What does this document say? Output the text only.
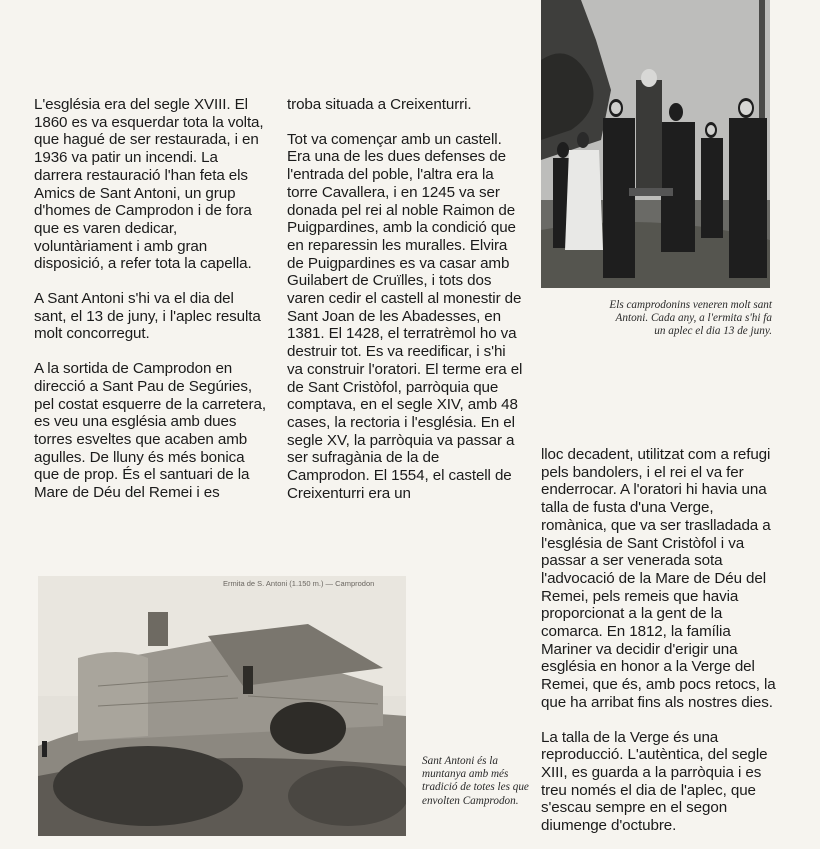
L'església era del segle XVIII. El 1860 es va esquerdar tota la volta, que hagué de ser restaurada, i en 1936 va patir un incendi. La darrera restauració l'han feta els Amics de Sant Antoni, un grup d'homes de Camprodon i de fora que es varen dedicar, voluntàriament i amb gran disposició, a refer tota la capella.

A Sant Antoni s'hi va el dia del sant, el 13 de juny, i l'aplec resulta molt concorregut.

A la sortida de Camprodon en direcció a Sant Pau de Segúries, pel costat esquerre de la carretera, es veu una església amb dues torres esveltes que acaben amb agulles. De lluny és més bonica que de prop. És el santuari de la Mare de Déu del Remei i es

troba situada a Creixenturri.

Tot va començar amb un castell. Era una de les dues defenses de l'entrada del poble, l'altra era la torre Cavallera, i en 1245 va ser donada pel rei al noble Raimon de Puigpardines, amb la condició que en reparessin les muralles. Elvira de Puigpardines es va casar amb Guilabert de Cruïlles, i tots dos varen cedir el castell al monestir de Sant Joan de les Abadesses, en 1381. El 1428, el terratrèmol ho va destruir tot. Es va reedificar, i s'hi va construir l'oratori. El terme era el de Sant Cristòfol, parròquia que comptava, en el segle XIV, amb 48 cases, la rectoria i l'església. En el segle XV, la parròquia va passar a ser sufragània de la de Camprodon. El 1554, el castell de Creixenturri era un

lloc decadent, utilitzat com a refugi pels bandolers, i el rei el va fer enderrocar. A l'oratori hi havia una talla de fusta d'una Verge, romànica, que va ser traslladada a l'església de Sant Cristòfol i va passar a ser venerada sota l'advocació de la Mare de Déu del Remei, pels remeis que havia proporcionat a la gent de la comarca. En 1812, la família Mariner va decidir d'erigir una església en honor a la Verge del Remei, que és, amb pocs retocs, la que ha arribat fins als nostres dies.

La talla de la Verge és una reproducció. L'autèntica, del segle XIII, es guarda a la parròquia i es treu només el dia de l'aplec, que s'escau sempre en el segon diumenge d'octubre.

Els camprodonins veneren molt sant Antoni. Cada any, a l'ermita s'hi fa un aplec el dia 13 de juny.
Ermita de S. Antoni (1.150 m.) — Camprodon
Sant Antoni és la muntanya amb més tradició de totes les que envolten Camprodon.
